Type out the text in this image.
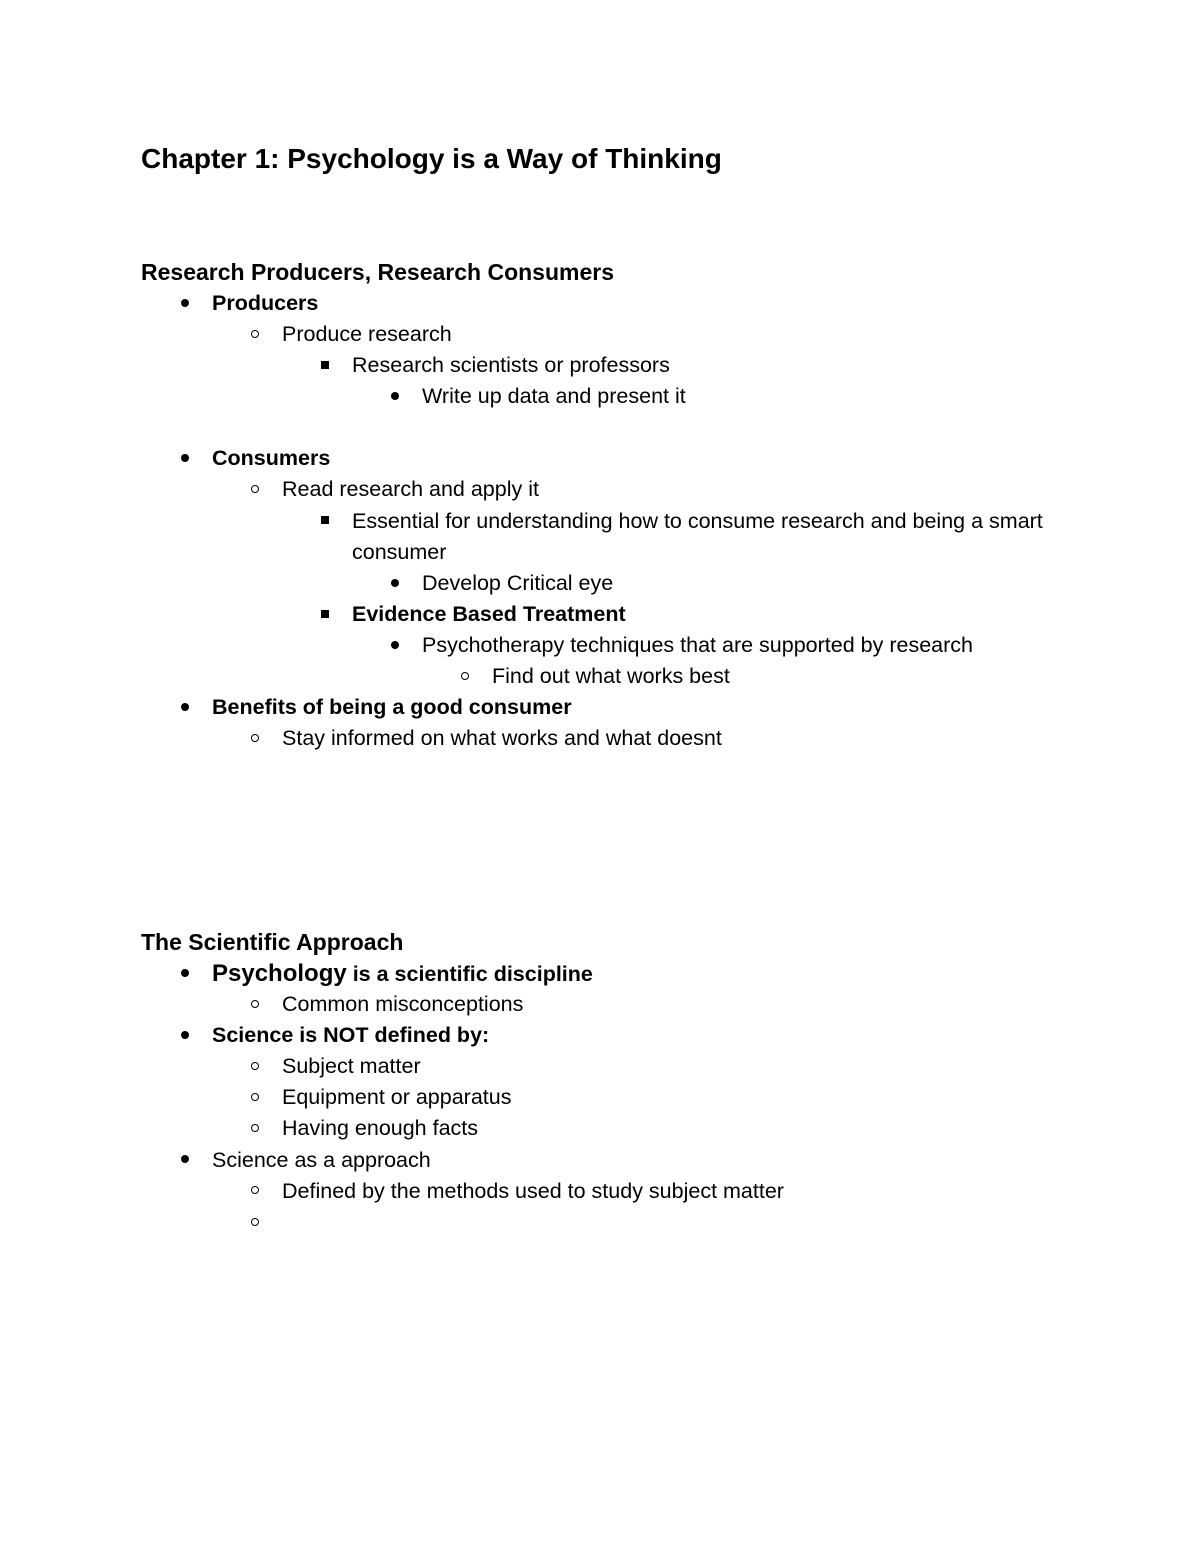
Chapter 1: Psychology is a Way of Thinking
Research Producers, Research Consumers
Producers
Produce research
Research scientists or professors
Write up data and present it
Consumers
Read research and apply it
Essential for understanding how to consume research and being a smart consumer
Develop Critical eye
Evidence Based Treatment
Psychotherapy techniques that are supported by research
Find out what works best
Benefits of being a good consumer
Stay informed on what works and what doesnt
The Scientific Approach
Psychology is a scientific discipline
Common misconceptions
Science is NOT defined by:
Subject matter
Equipment or apparatus
Having enough facts
Science as a approach
Defined by the methods used to study subject matter
